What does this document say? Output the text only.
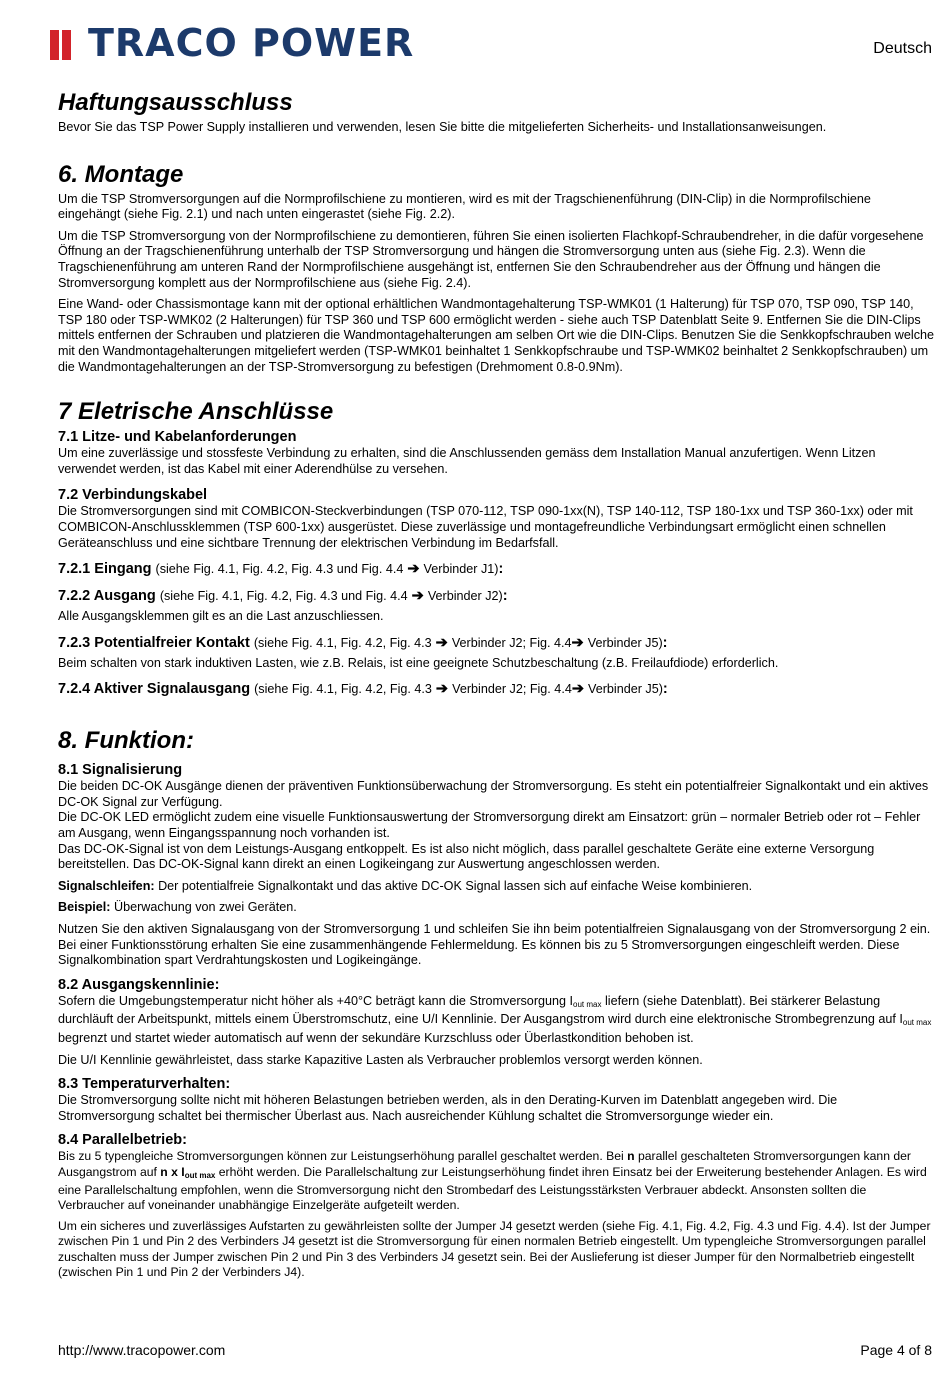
TRACO POWER	Deutsch
Haftungsausschluss

Bevor Sie das TSP Power Supply installieren und verwenden, lesen Sie bitte die mitgelieferten Sicherheits- und Installationsanweisungen.

6. Montage

Um die TSP Stromversorgungen auf die Normprofilschiene zu montieren, wird es mit der Tragschienenführung (DIN-Clip) in die Normprofilschiene eingehängt (siehe Fig. 2.1) und nach unten eingerastet (siehe Fig. 2.2).

Um die TSP Stromversorgung von der Normprofilschiene zu demontieren, führen Sie einen isolierten Flachkopf-Schraubendreher, in die dafür vorgesehene Öffnung an der Tragschienenführung unterhalb der TSP Stromversorgung und hängen die Stromversorgung unten aus (siehe Fig. 2.3). Wenn die Tragschienenführung am unteren Rand der Normprofilschiene ausgehängt ist, entfernen Sie den Schraubendreher aus der Öffnung und hängen die Stromversorgung komplett aus der Normprofilschiene aus (siehe Fig. 2.4).

Eine Wand- oder Chassismontage kann mit der optional erhältlichen Wandmontagehalterung TSP-WMK01 (1 Halterung) für TSP 070, TSP 090, TSP 140, TSP 180 oder TSP-WMK02 (2 Halterungen) für TSP 360 und TSP 600 ermöglicht werden - siehe auch TSP Datenblatt Seite 9. Entfernen Sie die DIN-Clips mittels entfernen der Schrauben und platzieren die Wandmontagehalterungen am selben Ort wie die DIN-Clips. Benutzen Sie die Senkkopfschrauben welche mit den Wandmontagehalterungen mitgeliefert werden (TSP-WMK01 beinhaltet 1 Senkkopfschraube und TSP-WMK02 beinhaltet 2 Senkkopfschrauben) um die Wandmontagehalterungen an der TSP-Stromversorgung zu befestigen (Drehmoment 0.8-0.9Nm).

7 Eletrische Anschlüsse
7.1 Litze- und Kabelanforderungen

Um eine zuverlässige und stossfeste Verbindung zu erhalten, sind die Anschlussenden gemäss dem Installation Manual anzufertigen. Wenn Litzen verwendet werden, ist das Kabel mit einer Aderendhülse zu versehen.

7.2 Verbindungskabel

Die Stromversorgungen sind mit COMBICON-Steckverbindungen (TSP 070-112, TSP 090-1xx(N), TSP 140-112, TSP 180-1xx und TSP 360-1xx) oder mit COMBICON-Anschlussklemmen (TSP 600-1xx) ausgerüstet. Diese zuverlässige und montagefreundliche Verbindungsart ermöglicht einen schnellen Geräteanschluss und eine sichtbare Trennung der elektrischen Verbindung im Bedarfsfall.

7.2.1 Eingang (siehe Fig. 4.1, Fig. 4.2, Fig. 4.3 und Fig. 4.4 ➔ Verbinder J1):
7.2.2 Ausgang (siehe Fig. 4.1, Fig. 4.2, Fig. 4.3 und Fig. 4.4 ➔ Verbinder J2):

Alle Ausgangsklemmen gilt es an die Last anzuschliessen.

7.2.3 Potentialfreier Kontakt (siehe Fig. 4.1, Fig. 4.2, Fig. 4.3 ➔ Verbinder J2; Fig. 4.4➔ Verbinder J5):

Beim schalten von stark induktiven Lasten, wie z.B. Relais, ist eine geeignete Schutzbeschaltung (z.B. Freilaufdiode) erforderlich.

7.2.4 Aktiver Signalausgang (siehe Fig. 4.1, Fig. 4.2, Fig. 4.3 ➔ Verbinder J2; Fig. 4.4➔ Verbinder J5):
8. Funktion:
8.1 Signalisierung

Die beiden DC-OK Ausgänge dienen der präventiven Funktionsüberwachung der Stromversorgung. Es steht ein potentialfreier Signalkontakt und ein aktives DC-OK Signal zur Verfügung.

Die DC-OK LED ermöglicht zudem eine visuelle Funktionsauswertung der Stromversorgung direkt am Einsatzort: grün – normaler Betrieb oder rot – Fehler am Ausgang, wenn Eingangsspannung noch vorhanden ist.

Das DC-OK-Signal ist von dem Leistungs-Ausgang entkoppelt. Es ist also nicht möglich, dass parallel geschaltete Geräte eine externe Versorgung bereitstellen. Das DC-OK-Signal kann direkt an einen Logikeingang zur Auswertung angeschlossen werden.

Signalschleifen: Der potentialfreie Signalkontakt und das aktive DC-OK Signal lassen sich auf einfache Weise kombinieren.

Beispiel: Überwachung von zwei Geräten.

Nutzen Sie den aktiven Signalausgang von der Stromversorgung 1 und schleifen Sie ihn beim potentialfreien Signalausgang von der Stromversorgung 2 ein. Bei einer Funktionsstörung erhalten Sie eine zusammenhängende Fehlermeldung. Es können bis zu 5 Stromversorgungen eingeschleift werden. Diese Signalkombination spart Verdrahtungskosten und Logikeingänge.

8.2 Ausgangskennlinie:

Sofern die Umgebungstemperatur nicht höher als +40°C beträgt kann die Stromversorgung $I_{out max}$ liefern (siehe Datenblatt). Bei stärkerer Belastung durchläuft der Arbeitspunkt, mittels einem Überstromschutz, eine U/I Kennlinie. Der Ausgangstrom wird durch eine elektronische Strombegrenzung auf $I_{out max}$ begrenzt und startet wieder automatisch auf wenn der sekundäre Kurzschluss oder Überlastkondition behoben ist.

Die U/I Kennlinie gewährleistet, dass starke Kapazitive Lasten als Verbraucher problemlos versorgt werden können.

8.3 Temperaturverhalten:

Die Stromversorgung sollte nicht mit höheren Belastungen betrieben werden, als in den Derating-Kurven im Datenblatt angegeben wird. Die Stromversorgung schaltet bei thermischer Überlast aus. Nach ausreichender Kühlung schaltet die Stromversorgunge wieder ein.

8.4 Parallelbetrieb:

Bis zu 5 typengleiche Stromversorgungen können zur Leistungserhöhung parallel geschaltet werden. Bei n parallel geschalteten Stromversorgungen kann der Ausgangstrom auf n x $I_{out max}$ erhöht werden. Die Parallelschaltung zur Leistungserhöhung findet ihren Einsatz bei der Erweiterung bestehender Anlagen. Es wird eine Parallelschaltung empfohlen, wenn die Stromversorgung nicht den Strombedarf des Leistungsstärksten Verbrauer abdeckt. Ansonsten sollten die Verbraucher auf voneinander unabhängige Einzelgeräte aufgeteilt werden.

Um ein sicheres und zuverlässiges Aufstarten zu gewährleisten sollte der Jumper J4 gesetzt werden (siehe Fig. 4.1, Fig. 4.2, Fig. 4.3 und Fig. 4.4). Ist der Jumper zwischen Pin 1 und Pin 2 des Verbinders J4 gesetzt ist die Stromversorgung für einen normalen Betrieb eingestellt. Um typengleiche Stromversorgungen parallel zuschalten muss der Jumper zwischen Pin 2 und Pin 3 des Verbinders J4 gesetzt sein. Bei der Auslieferung ist dieser Jumper für den Normalbetrieb eingestellt (zwischen Pin 1 und Pin 2 der Verbinders J4).

http://www.tracopower.com	Page 4 of 8
